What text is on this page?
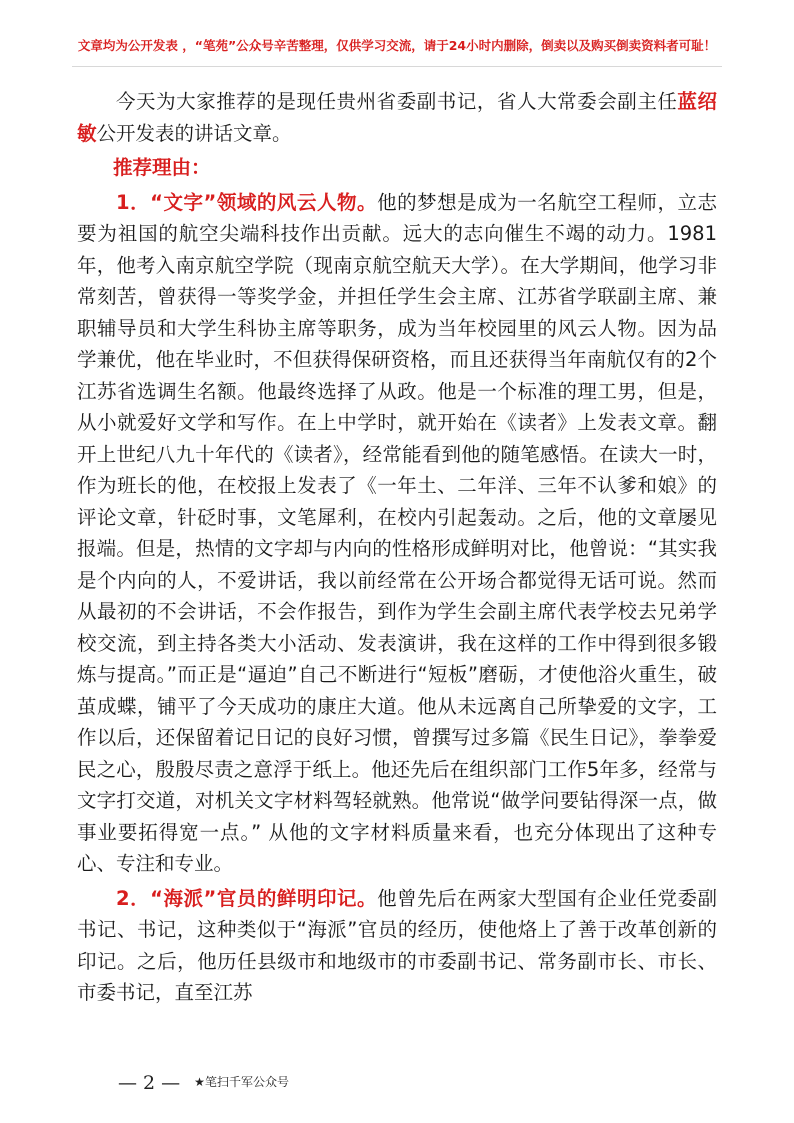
文章均为公开发表 ，“笔苑”公众号辛苦整理，仅供学习交流，请于24小时内删除，倒卖以及购买倒卖资料者可耻！

今天为大家推荐的是现任贵州省委副书记，省人大常委会副主任蓝绍敏公开发表的讲话文章。

推荐理由：

1．“文字”领域的风云人物。他的梦想是成为一名航空工程师，立志要为祖国的航空尖端科技作出贡献。远大的志向催生不竭的动力。1981年，他考入南京航空学院（现南京航空航天大学）。在大学期间，他学习非常刻苦，曾获得一等奖学金，并担任学生会主席、江苏省学联副主席、兼职辅导员和大学生科协主席等职务，成为当年校园里的风云人物。因为品学兼优，他在毕业时，不但获得保研资格，而且还获得当年南航仅有的2个江苏省选调生名额。他最终选择了从政。他是一个标准的理工男，但是，从小就爱好文学和写作。在上中学时，就开始在《读者》上发表文章。翻开上世纪八九十年代的《读者》，经常能看到他的随笔感悟。在读大一时，作为班长的他，在校报上发表了《一年土、二年洋、三年不认爹和娘》的评论文章，针砭时事，文笔犀利，在校内引起轰动。之后，他的文章屡见报端。但是，热情的文字却与内向的性格形成鲜明对比，他曾说：“其实我是个内向的人，不爱讲话，我以前经常在公开场合都觉得无话可说。然而从最初的不会讲话，不会作报告，到作为学生会副主席代表学校去兄弟学校交流，到主持各类大小活动、发表演讲，我在这样的工作中得到很多锻炼与提高。”而正是“逼迫”自己不断进行“短板”磨砺，才使他浴火重生，破茧成蝶，铺平了今天成功的康庄大道。他从未远离自己所挚爱的文字，工作以后，还保留着记日记的良好习惯，曾撰写过多篇《民生日记》，拳拳爱民之心，殷殷尽责之意浮于纸上。他还先后在组织部门工作5年多，经常与文字打交道，对机关文字材料驾轻就熟。他常说“做学问要钻得深一点，做事业要拓得宽一点。” 从他的文字材料质量来看，也充分体现出了这种专心、专注和专业。

2．“海派”官员的鲜明印记。他曾先后在两家大型国有企业任党委副书记、书记，这种类似于“海派”官员的经历，使他烙上了善于改革创新的印记。之后，他历任县级市和地级市的市委副书记、常务副市长、市长、市委书记，直至江苏

— 2 — ★笔扫千军公众号
